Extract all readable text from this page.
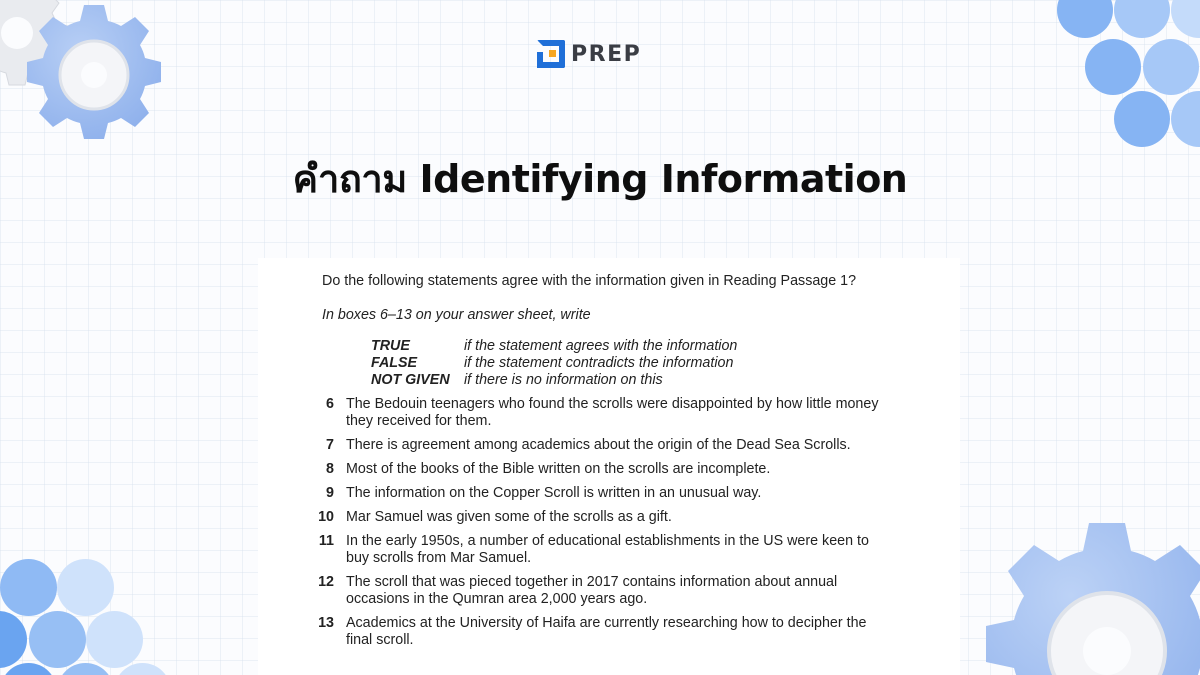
PREP
คำถาม Identifying Information
Do the following statements agree with the information given in Reading Passage 1?
In boxes 6–13 on your answer sheet, write
TRUE	if the statement agrees with the information
FALSE	if the statement contradicts the information
NOT GIVEN	if there is no information on this
6 The Bedouin teenagers who found the scrolls were disappointed by how little money they received for them.
7 There is agreement among academics about the origin of the Dead Sea Scrolls.
8 Most of the books of the Bible written on the scrolls are incomplete.
9 The information on the Copper Scroll is written in an unusual way.
10 Mar Samuel was given some of the scrolls as a gift.
11 In the early 1950s, a number of educational establishments in the US were keen to buy scrolls from Mar Samuel.
12 The scroll that was pieced together in 2017 contains information about annual occasions in the Qumran area 2,000 years ago.
13 Academics at the University of Haifa are currently researching how to decipher the final scroll.
